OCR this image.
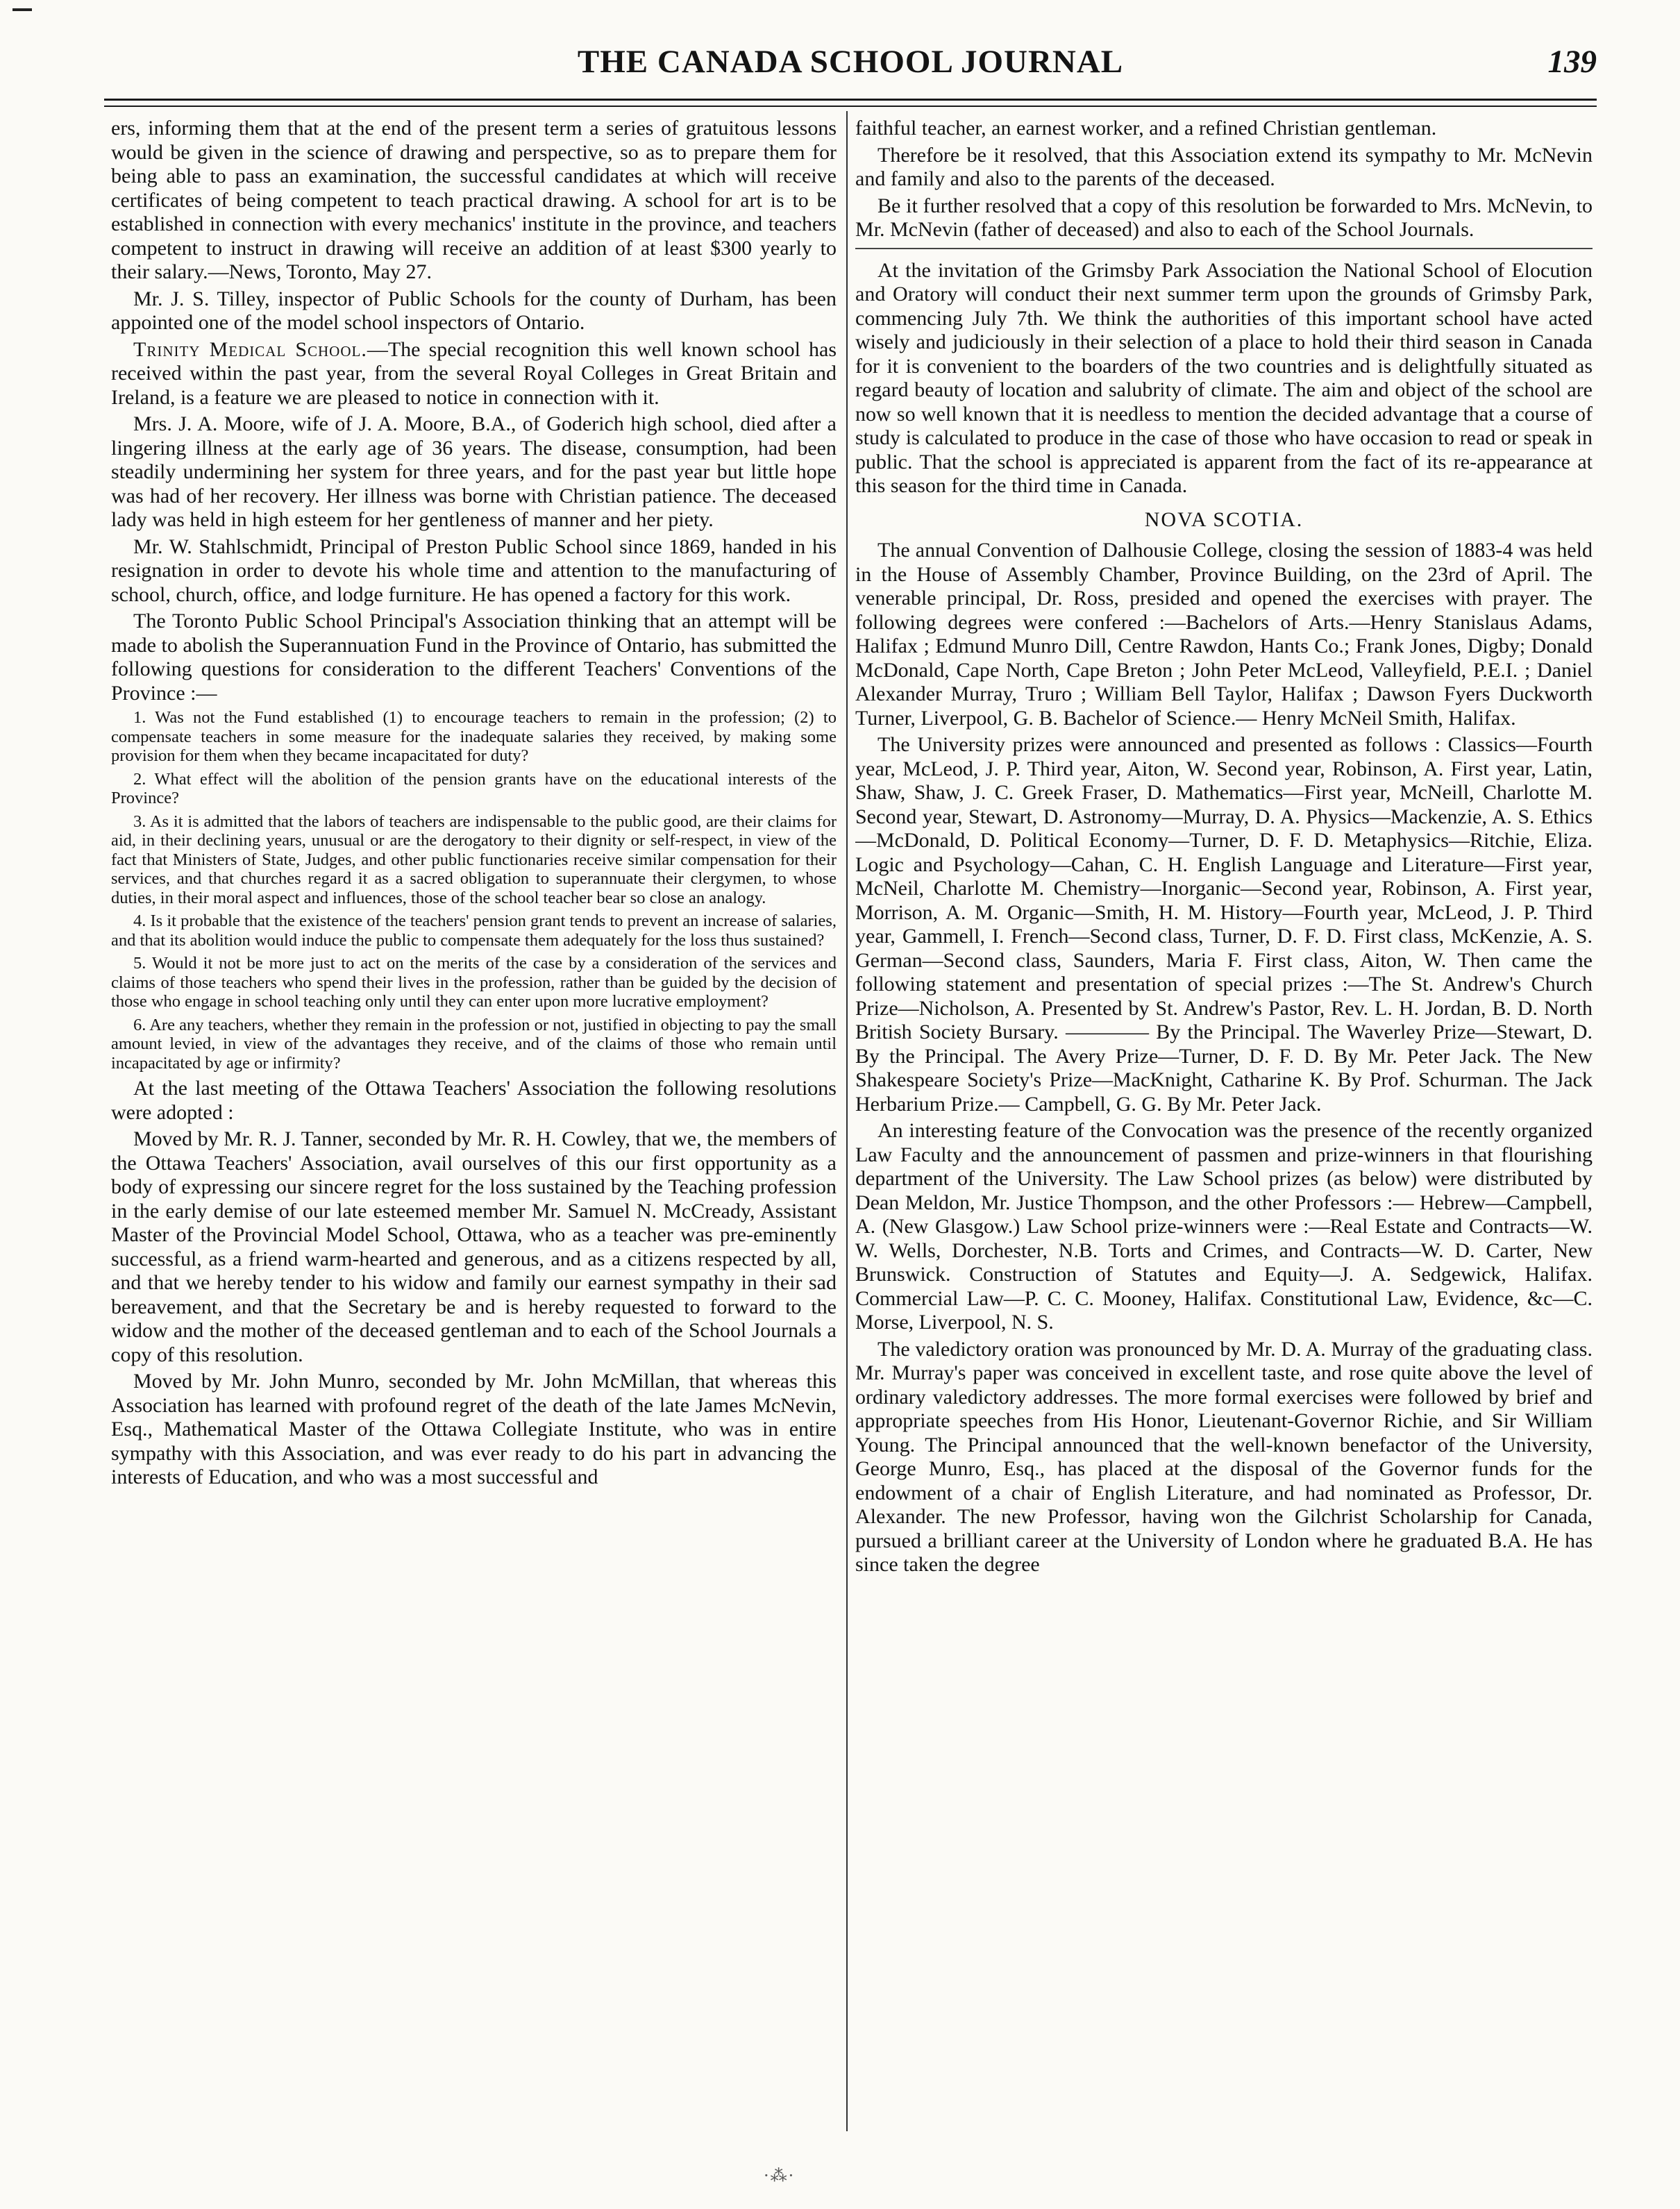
THE CANADA SCHOOL JOURNAL	139

ers, informing them that at the end of the present term a series of gratuitous lessons would be given in the science of drawing and perspective, so as to prepare them for being able to pass an examination, the successful candidates at which will receive certificates of being competent to teach practical drawing. A school for art is to be established in connection with every mechanics' institute in the province, and teachers competent to instruct in drawing will receive an addition of at least $300 yearly to their salary.—News, Toronto, May 27.

Mr. J. S. Tilley, inspector of Public Schools for the county of Durham, has been appointed one of the model school inspectors of Ontario.

Trinity Medical School.—The special recognition this well known school has received within the past year, from the several Royal Colleges in Great Britain and Ireland, is a feature we are pleased to notice in connection with it.

Mrs. J. A. Moore, wife of J. A. Moore, B.A., of Goderich high school, died after a lingering illness at the early age of 36 years. The disease, consumption, had been steadily undermining her system for three years, and for the past year but little hope was had of her recovery. Her illness was borne with Christian patience. The deceased lady was held in high esteem for her gentleness of manner and her piety.

Mr. W. Stahlschmidt, Principal of Preston Public School since 1869, handed in his resignation in order to devote his whole time and attention to the manufacturing of school, church, office, and lodge furniture. He has opened a factory for this work.

The Toronto Public School Principal's Association thinking that an attempt will be made to abolish the Superannuation Fund in the Province of Ontario, has submitted the following questions for consideration to the different Teachers' Conventions of the Province :—

1. Was not the Fund established (1) to encourage teachers to remain in the profession; (2) to compensate teachers in some measure for the inadequate salaries they received, by making some provision for them when they became incapacitated for duty?

2. What effect will the abolition of the pension grants have on the educational interests of the Province?

3. As it is admitted that the labors of teachers are indispensable to the public good, are their claims for aid, in their declining years, unusual or are the derogatory to their dignity or self-respect, in view of the fact that Ministers of State, Judges, and other public functionaries receive similar compensation for their services, and that churches regard it as a sacred obligation to superannuate their clergymen, to whose duties, in their moral aspect and influences, those of the school teacher bear so close an analogy.

4. Is it probable that the existence of the teachers' pension grant tends to prevent an increase of salaries, and that its abolition would induce the public to compensate them adequately for the loss thus sustained?

5. Would it not be more just to act on the merits of the case by a consideration of the services and claims of those teachers who spend their lives in the profession, rather than be guided by the decision of those who engage in school teaching only until they can enter upon more lucrative employment?

6. Are any teachers, whether they remain in the profession or not, justified in objecting to pay the small amount levied, in view of the advantages they receive, and of the claims of those who remain until incapacitated by age or infirmity?

At the last meeting of the Ottawa Teachers' Association the following resolutions were adopted :

Moved by Mr. R. J. Tanner, seconded by Mr. R. H. Cowley, that we, the members of the Ottawa Teachers' Association, avail ourselves of this our first opportunity as a body of expressing our sincere regret for the loss sustained by the Teaching profession in the early demise of our late esteemed member Mr. Samuel N. McCready, Assistant Master of the Provincial Model School, Ottawa, who as a teacher was pre-eminently successful, as a friend warm-hearted and generous, and as a citizens respected by all, and that we hereby tender to his widow and family our earnest sympathy in their sad bereavement, and that the Secretary be and is hereby requested to forward to the widow and the mother of the deceased gentleman and to each of the School Journals a copy of this resolution.

Moved by Mr. John Munro, seconded by Mr. John McMillan, that whereas this Association has learned with profound regret of the death of the late James McNevin, Esq., Mathematical Master of the Ottawa Collegiate Institute, who was in entire sympathy with this Association, and was ever ready to do his part in advancing the interests of Education, and who was a most successful and

faithful teacher, an earnest worker, and a refined Christian gentleman.

Therefore be it resolved, that this Association extend its sympathy to Mr. McNevin and family and also to the parents of the deceased.

Be it further resolved that a copy of this resolution be forwarded to Mrs. McNevin, to Mr. McNevin (father of deceased) and also to each of the School Journals.

At the invitation of the Grimsby Park Association the National School of Elocution and Oratory will conduct their next summer term upon the grounds of Grimsby Park, commencing July 7th. We think the authorities of this important school have acted wisely and judiciously in their selection of a place to hold their third season in Canada for it is convenient to the boarders of the two countries and is delightfully situated as regard beauty of location and salubrity of climate. The aim and object of the school are now so well known that it is needless to mention the decided advantage that a course of study is calculated to produce in the case of those who have occasion to read or speak in public. That the school is appreciated is apparent from the fact of its re-appearance at this season for the third time in Canada.

NOVA SCOTIA.

The annual Convention of Dalhousie College, closing the session of 1883-4 was held in the House of Assembly Chamber, Province Building, on the 23rd of April. The venerable principal, Dr. Ross, presided and opened the exercises with prayer. The following degrees were confered :—Bachelors of Arts.—Henry Stanislaus Adams, Halifax ; Edmund Munro Dill, Centre Rawdon, Hants Co.; Frank Jones, Digby; Donald McDonald, Cape North, Cape Breton ; John Peter McLeod, Valleyfield, P.E.I. ; Daniel Alexander Murray, Truro ; William Bell Taylor, Halifax ; Dawson Fyers Duckworth Turner, Liverpool, G. B. Bachelor of Science.— Henry McNeil Smith, Halifax.

The University prizes were announced and presented as follows : Classics—Fourth year, McLeod, J. P. Third year, Aiton, W. Second year, Robinson, A. First year, Latin, Shaw, Shaw, J. C. Greek Fraser, D. Mathematics—First year, McNeill, Charlotte M. Second year, Stewart, D. Astronomy—Murray, D. A. Physics—Mackenzie, A. S. Ethics—McDonald, D. Political Economy—Turner, D. F. D. Metaphysics—Ritchie, Eliza. Logic and Psychology—Cahan, C. H. English Language and Literature—First year, McNeil, Charlotte M. Chemistry—Inorganic—Second year, Robinson, A. First year, Morrison, A. M. Organic—Smith, H. M. History—Fourth year, McLeod, J. P. Third year, Gammell, I. French—Second class, Turner, D. F. D. First class, McKenzie, A. S. German—Second class, Saunders, Maria F. First class, Aiton, W. Then came the following statement and presentation of special prizes :—The St. Andrew's Church Prize—Nicholson, A. Presented by St. Andrew's Pastor, Rev. L. H. Jordan, B. D. North British Society Bursary. ———— By the Principal. The Waverley Prize—Stewart, D. By the Principal. The Avery Prize—Turner, D. F. D. By Mr. Peter Jack. The New Shakespeare Society's Prize—MacKnight, Catharine K. By Prof. Schurman. The Jack Herbarium Prize.— Campbell, G. G. By Mr. Peter Jack.

An interesting feature of the Convocation was the presence of the recently organized Law Faculty and the announcement of passmen and prize-winners in that flourishing department of the University. The Law School prizes (as below) were distributed by Dean Meldon, Mr. Justice Thompson, and the other Professors :— Hebrew—Campbell, A. (New Glasgow.) Law School prize-winners were :—Real Estate and Contracts—W. W. Wells, Dorchester, N.B. Torts and Crimes, and Contracts—W. D. Carter, New Brunswick. Construction of Statutes and Equity—J. A. Sedgewick, Halifax. Commercial Law—P. C. C. Mooney, Halifax. Constitutional Law, Evidence, &c—C. Morse, Liverpool, N. S.

The valedictory oration was pronounced by Mr. D. A. Murray of the graduating class. Mr. Murray's paper was conceived in excellent taste, and rose quite above the level of ordinary valedictory addresses. The more formal exercises were followed by brief and appropriate speeches from His Honor, Lieutenant-Governor Richie, and Sir William Young. The Principal announced that the well-known benefactor of the University, George Munro, Esq., has placed at the disposal of the Governor funds for the endowment of a chair of English Literature, and had nominated as Professor, Dr. Alexander. The new Professor, having won the Gilchrist Scholarship for Canada, pursued a brilliant career at the University of London where he graduated B.A. He has since taken the degree

·⁂·
